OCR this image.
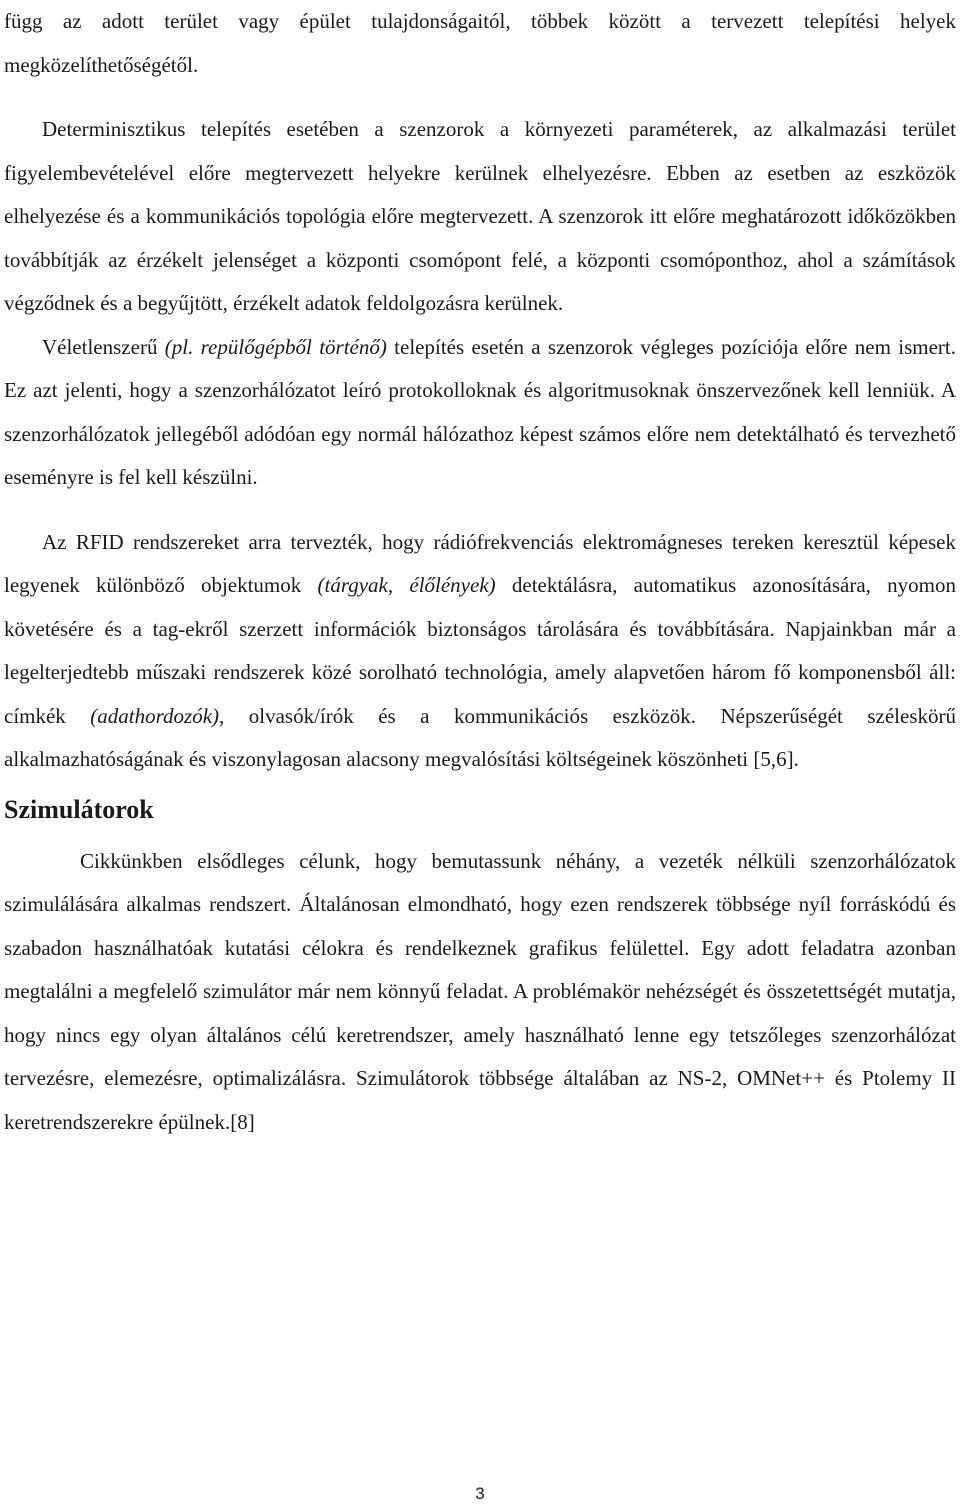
függ az adott terület vagy épület tulajdonságaitól, többek között a tervezett telepítési helyek megközelíthetőségétől.

Determinisztikus telepítés esetében a szenzorok a környezeti paraméterek, az alkalmazási terület figyelembevételével előre megtervezett helyekre kerülnek elhelyezésre. Ebben az esetben az eszközök elhelyezése és a kommunikációs topológia előre megtervezett. A szenzorok itt előre meghatározott időközökben továbbítják az érzékelt jelenséget a központi csomópont felé, a központi csomóponthoz, ahol a számítások végződnek és a begyűjtött, érzékelt adatok feldolgozásra kerülnek.

Véletlenszerű (pl. repülőgépből történő) telepítés esetén a szenzorok végleges pozíciója előre nem ismert. Ez azt jelenti, hogy a szenzorhálózatot leíró protokolloknak és algoritmusoknak önszervezőnek kell lenniük. A szenzorhálózatok jellegéből adódóan egy normál hálózathoz képest számos előre nem detektálható és tervezhető eseményre is fel kell készülni.

Az RFID rendszereket arra tervezték, hogy rádiófrekvenciás elektromágneses tereken keresztül képesek legyenek különböző objektumok (tárgyak, élőlények) detektálásra, automatikus azonosítására, nyomon követésére és a tag-ekről szerzett információk biztonságos tárolására és továbbítására. Napjainkban már a legelterjedtebb műszaki rendszerek közé sorolható technológia, amely alapvetően három fő komponensből áll: címkék (adathordozók), olvasók/írók és a kommunikációs eszközök. Népszerűségét széleskörű alkalmazhatóságának és viszonylagosan alacsony megvalósítási költségeinek köszönheti [5,6].

Szimulátorok

Cikkünkben elsődleges célunk, hogy bemutassunk néhány, a vezeték nélküli szenzorhálózatok szimulálására alkalmas rendszert. Általánosan elmondható, hogy ezen rendszerek többsége nyíl forráskódú és szabadon használhatóak kutatási célokra és rendelkeznek grafikus felülettel. Egy adott feladatra azonban megtalálni a megfelelő szimulátor már nem könnyű feladat. A problémakör nehézségét és összetettségét mutatja, hogy nincs egy olyan általános célú keretrendszer, amely használható lenne egy tetszőleges szenzorhálózat tervezésre, elemezésre, optimalizálásra. Szimulátorok többsége általában az NS-2, OMNet++ és Ptolemy II keretrendszerekre épülnek.[8]

3
